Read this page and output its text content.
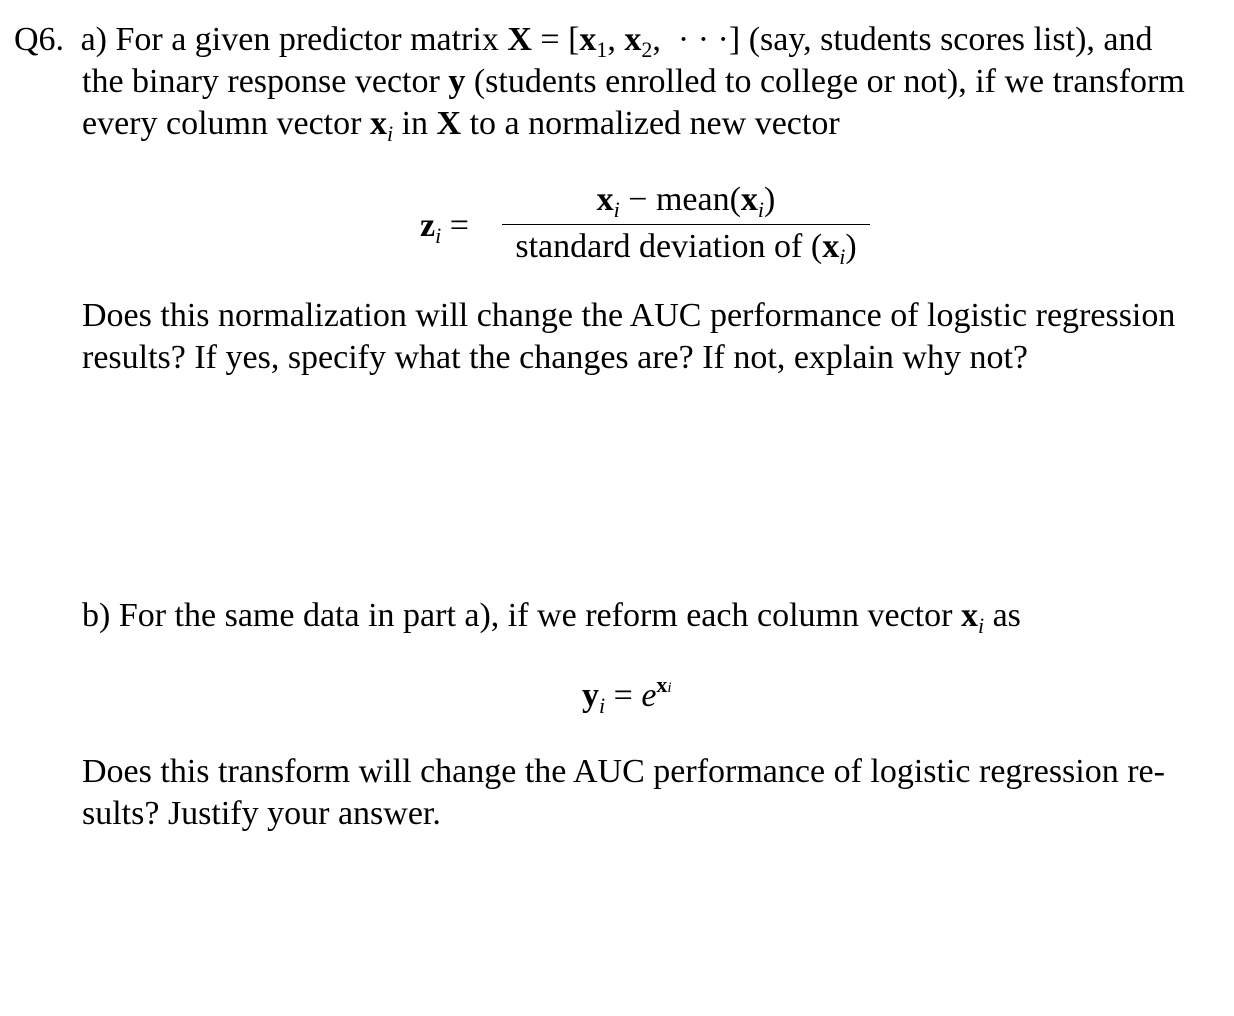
Q6. a) For a given predictor matrix $X = [x_1$, $x_2$,  · · ·] (say, students scores list), and
the binary response vector y (students enrolled to college or not), if we transform
every column vector $x_i$ in X to a normalized new vector
$z_i$ =
$x_i$ − $mean(x_i)$
standard deviation of $(x_i)$
Does this normalization will change the AUC performance of logistic regression
results? If yes, specify what the changes are? If not, explain why not?
b) For the same data in part a), if we reform each column vector $x_i$ as
$y_i = e^{xi}$
Does this transform will change the AUC performance of logistic regression re-
sults? Justify your answer.
